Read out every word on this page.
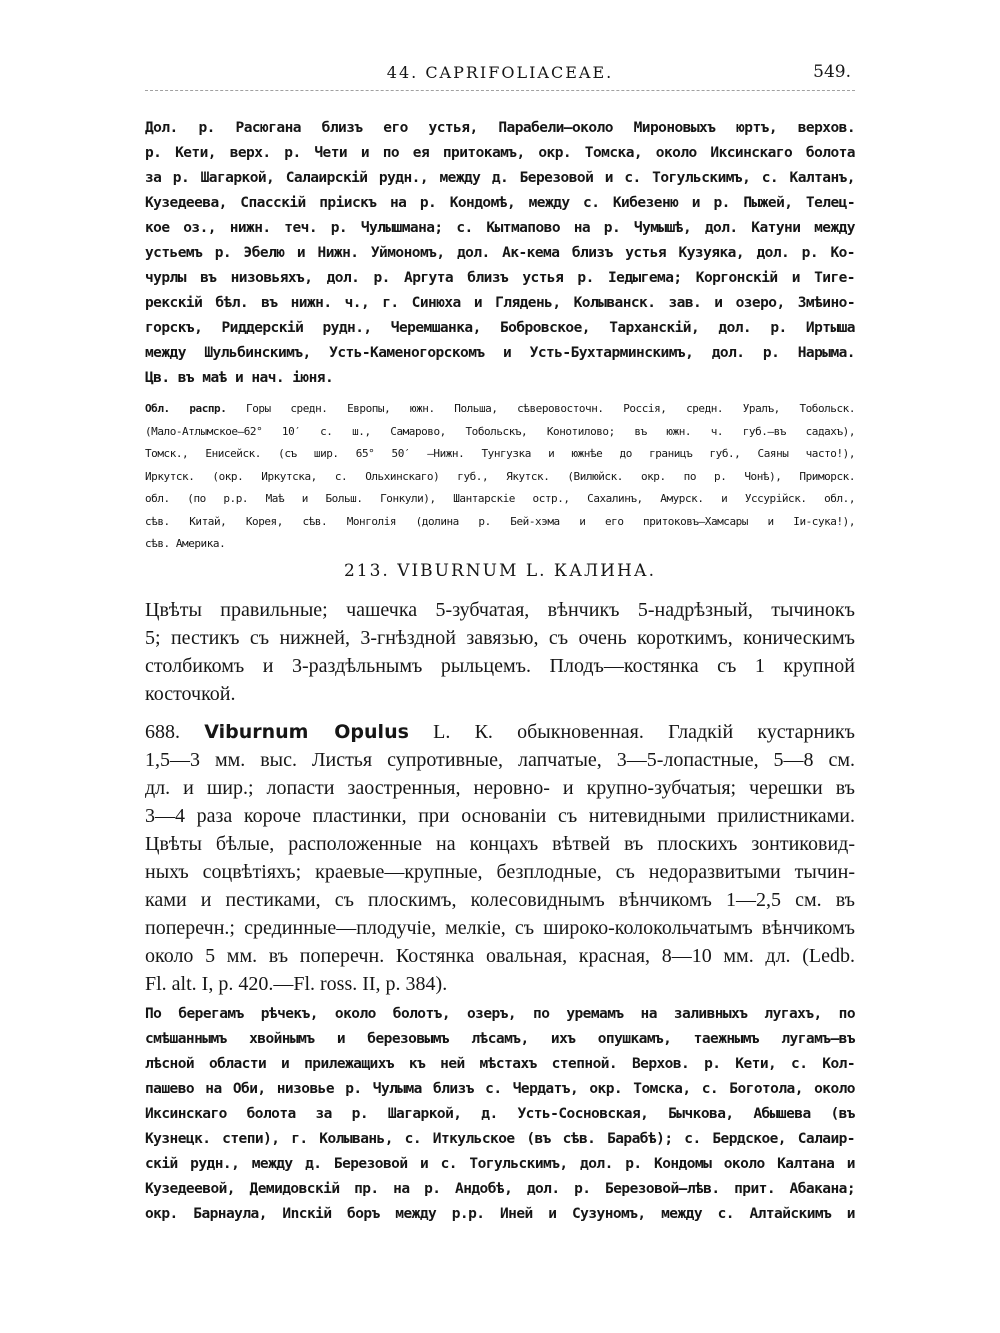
44. CAPRIFOLIACEAE.	549.
Дол. р. Расюгана близъ его устья, Парабели—около Мироновыхъ юртъ, верхов.
р. Кети, верх. р. Чети и по ея притокамъ, окр. Томска, около Иксинскаго болота
за р. Шагаркой, Салаирскій рудн., между д. Березовой и с. Тогульскимъ, с. Калтанъ,
Кузедеева, Спасскій пріискъ на р. Кондомѣ, между с. Кибезеню и р. Пыжей, Телец-
кое оз., нижн. теч. р. Чулышмана; с. Кытмапово на р. Чумышѣ, дол. Катуни между
устьемъ р. Эбелю и Нижн. Уймономъ, дол. Ак-кема близъ устья Кузуяка, дол. р. Ко-
чурлы въ низовьяхъ, дол. р. Аргута близъ устья р. Іедыгема; Коргонскій и Тиге-
рекскій бѣл. въ нижн. ч., г. Синюха и Глядень, Колыванск. зав. и озеро, Змѣино-
горскъ, Риддерскій рудн., Черемшанка, Бобровское, Тарханскій, дол. р. Иртыша
между Шульбинскимъ, Усть-Каменогорскомъ и Усть-Бухтарминскимъ, дол. р. Нарыма.
Цв. въ маѣ и нач. іюня.
Обл. распр. Горы средн. Европы, южн. Польша, сѣверовосточн. Россія, средн. Уралъ, Тобольск.
(Мало-Атлымское—62° 10′ с. ш., Самарово, Тобольскъ, Конотилово; въ южн. ч. губ.—въ садахъ),
Томск., Енисейск. (съ шир. 65° 50′ —Нижн. Тунгузка и южнѣе до границъ губ., Саяны часто!),
Иркутск. (окр. Иркутска, с. Ольхинскаго) губ., Якутск. (Вилюйск. окр. по р. Чонѣ), Приморск.
обл. (по р.р. Маѣ и Больш. Гонкули), Шантарскіе остр., Сахалинъ, Амурск. и Уссурійск. обл.,
сѣв. Китай, Корея, сѣв. Монголія (долина р. Бей-хэма и его притоковъ—Хамсары и Іи-сука!),
сѣв. Америка.
213. VIBURNUM L. КАЛИНА.
Цвѣты правильные; чашечка 5-зубчатая, вѣнчикъ 5-надрѣзный, тычинокъ
5; пестикъ съ нижней, 3-гнѣздной завязью, съ очень короткимъ, коническимъ
столбикомъ и 3-раздѣльнымъ рыльцемъ. Плодъ—костянка съ 1 крупной
косточкой.
688. Viburnum Opulus L. К. обыкновенная. Гладкій кустарникъ
1,5—3 мм. выс. Листья супротивные, лапчатые, 3—5-лопастные, 5—8 см.
дл. и шир.; лопасти заостренныя, неровно- и крупно-зубчатыя; черешки въ
3—4 раза короче пластинки, при основаніи съ нитевидными прилистниками.
Цвѣты бѣлые, расположенные на концахъ вѣтвей въ плоскихъ зонтиковид-
ныхъ соцвѣтіяхъ; краевые—крупные, безплодные, съ недоразвитыми тычин-
ками и пестиками, съ плоскимъ, колесовиднымъ вѣнчикомъ 1—2,5 см. въ
поперечн.; срединные—плодучіе, мелкіе, съ широко-колокольчатымъ вѣнчикомъ
около 5 мм. въ поперечн. Костянка овальная, красная, 8—10 мм. дл. (Ledb.
Fl. alt. I, p. 420.—Fl. ross. II, p. 384).
По берегамъ рѣчекъ, около болотъ, озеръ, по уремамъ на заливныхъ лугахъ, по
смѣшаннымъ хвойнымъ и березовымъ лѣсамъ, ихъ опушкамъ, таежнымъ лугамъ—въ
лѣсной области и прилежащихъ къ ней мѣстахъ степной. Верхов. р. Кети, с. Кол-
пашево на Оби, низовье р. Чулыма близъ с. Чердатъ, окр. Томска, с. Боготола, около
Иксинскаго болота за р. Шагаркой, д. Усть-Сосновская, Бычкова, Абышева (въ
Кузнецк. степи), г. Колывань, с. Иткульское (въ сѣв. Барабѣ); с. Бердское, Салаир-
скій рудн., между д. Березовой и с. Тогульскимъ, дол. р. Кондомы около Калтана и
Кузедеевой, Демидовскій пр. на р. Андобѣ, дол. р. Березовой—лѣв. прит. Абакана;
окр. Барнаула, Иnскій боръ между р.р. Иней и Сузуномъ, между с. Алтайскимъ и
